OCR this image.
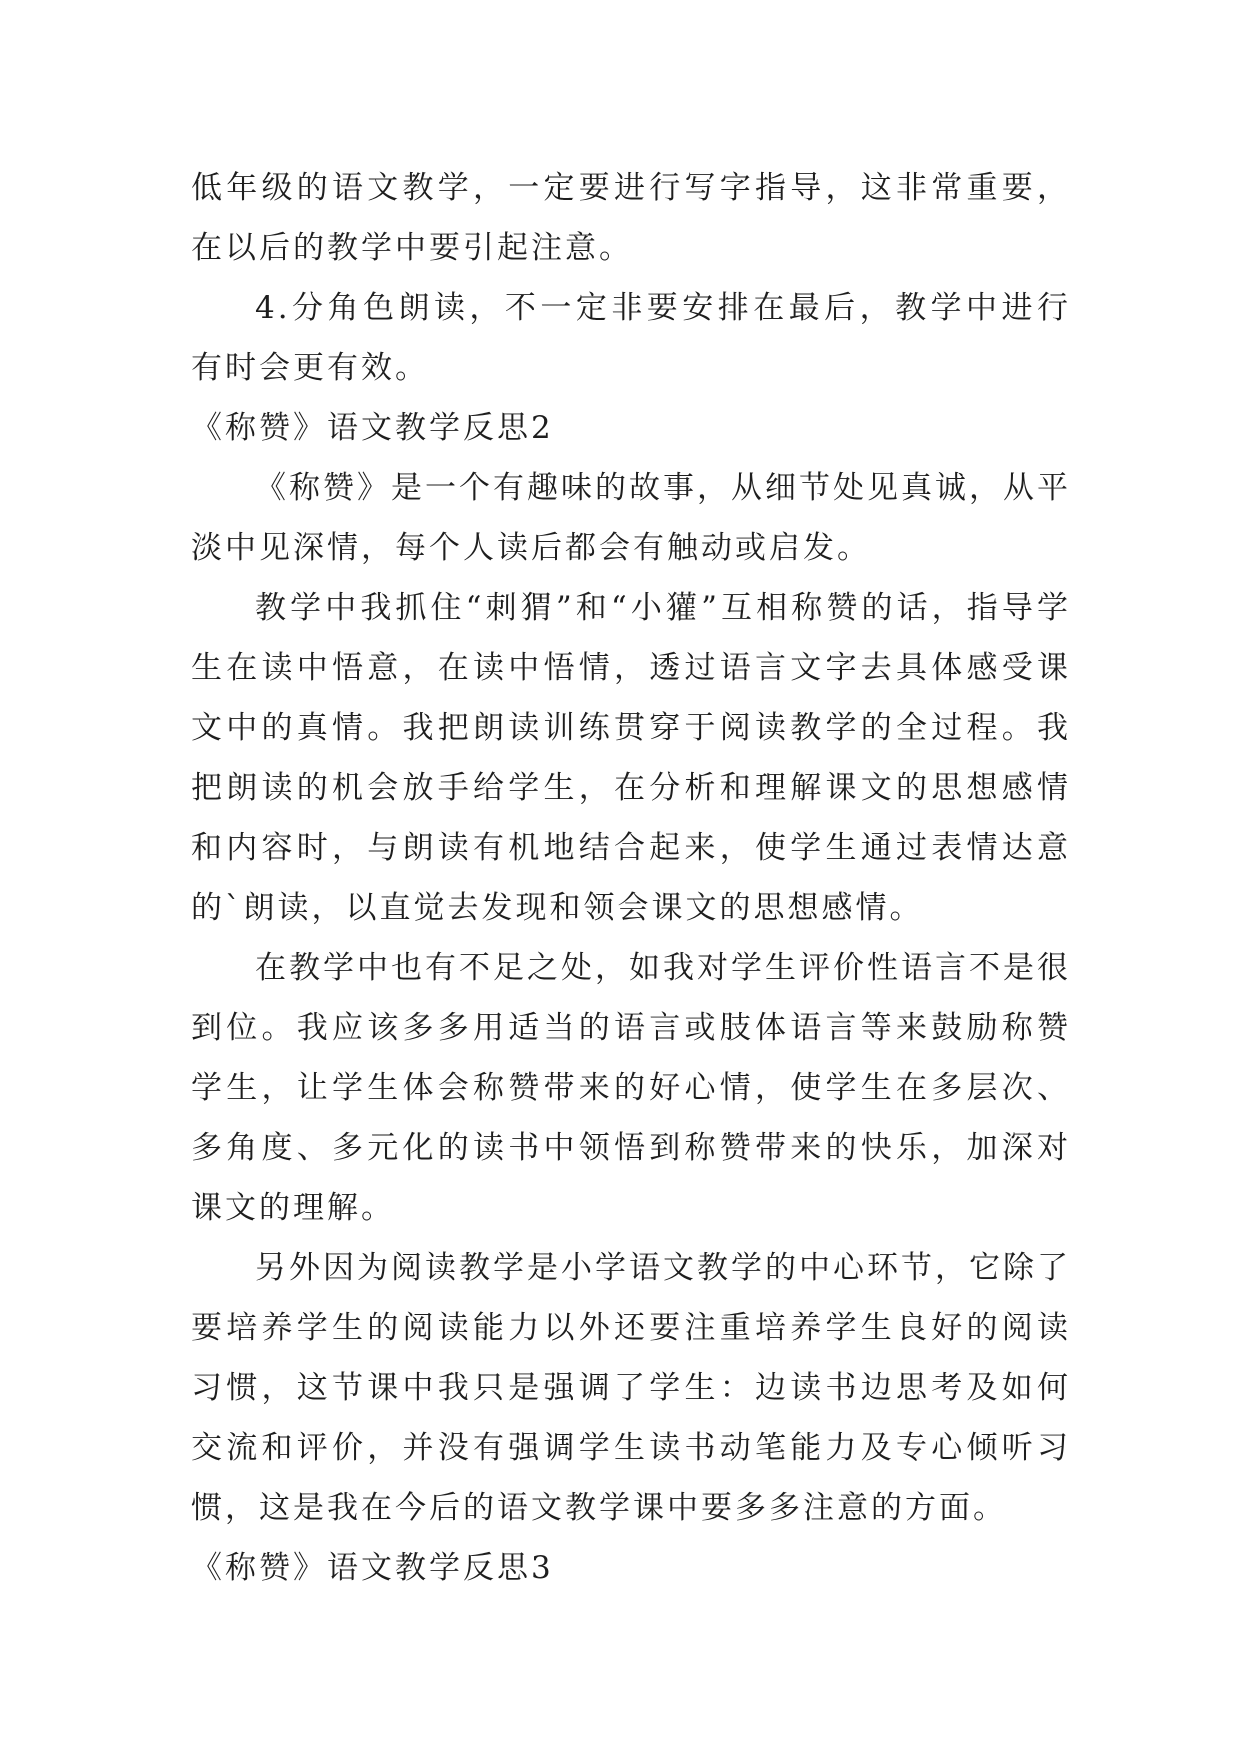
低年级的语文教学，一定要进行写字指导，这非常重要，在以后的教学中要引起注意。

4.分角色朗读，不一定非要安排在最后，教学中进行有时会更有效。

《称赞》语文教学反思2

《称赞》是一个有趣味的故事，从细节处见真诚，从平淡中见深情，每个人读后都会有触动或启发。

教学中我抓住“刺猬”和“小獾”互相称赞的话，指导学生在读中悟意，在读中悟情，透过语言文字去具体感受课文中的真情。我把朗读训练贯穿于阅读教学的全过程。我把朗读的机会放手给学生，在分析和理解课文的思想感情和内容时，与朗读有机地结合起来，使学生通过表情达意的`朗读，以直觉去发现和领会课文的思想感情。

在教学中也有不足之处，如我对学生评价性语言不是很到位。我应该多多用适当的语言或肢体语言等来鼓励称赞学生，让学生体会称赞带来的好心情，使学生在多层次、多角度、多元化的读书中领悟到称赞带来的快乐，加深对课文的理解。

另外因为阅读教学是小学语文教学的中心环节，它除了要培养学生的阅读能力以外还要注重培养学生良好的阅读习惯，这节课中我只是强调了学生：边读书边思考及如何交流和评价，并没有强调学生读书动笔能力及专心倾听习惯，这是我在今后的语文教学课中要多多注意的方面。

《称赞》语文教学反思3
